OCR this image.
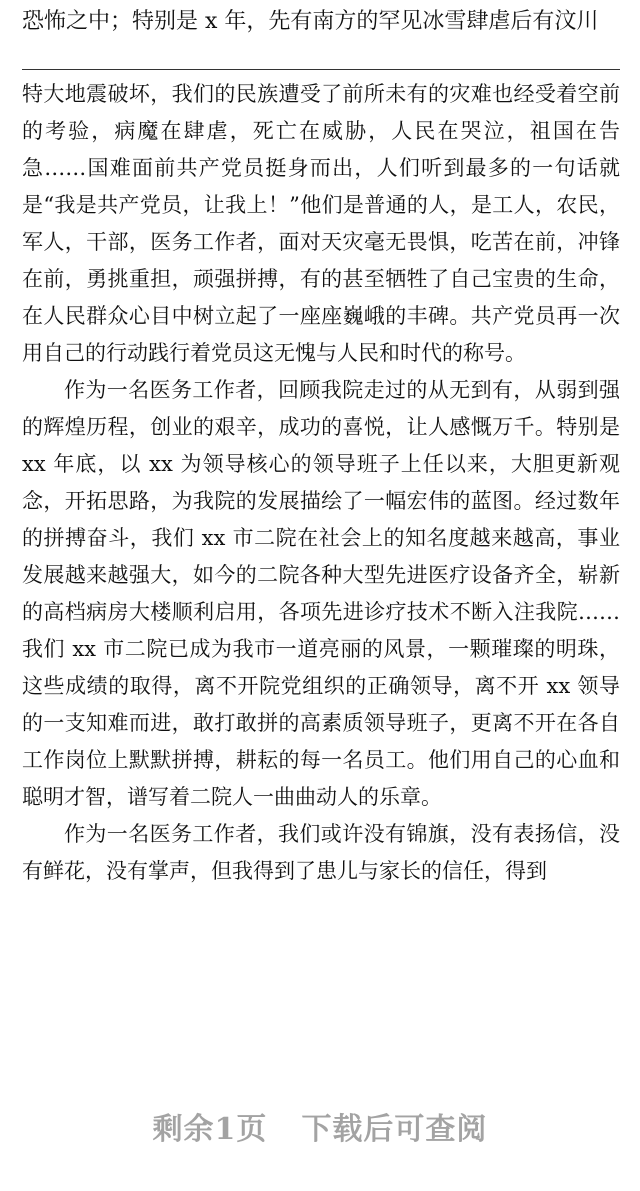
恐怖之中；特别是 x 年，先有南方的罕见冰雪肆虐后有汶川

特大地震破坏，我们的民族遭受了前所未有的灾难也经受着空前的考验，病魔在肆虐，死亡在威胁，人民在哭泣，祖国在告急……国难面前共产党员挺身而出，人们听到最多的一句话就是“我是共产党员，让我上！”他们是普通的人，是工人，农民，军人，干部，医务工作者，面对天灾毫无畏惧，吃苦在前，冲锋在前，勇挑重担，顽强拼搏，有的甚至牺牲了自己宝贵的生命，在人民群众心目中树立起了一座座巍峨的丰碑。共产党员再一次用自己的行动践行着党员这无愧与人民和时代的称号。

作为一名医务工作者，回顾我院走过的从无到有，从弱到强的辉煌历程，创业的艰辛，成功的喜悦，让人感慨万千。特别是 xx 年底，以 xx 为领导核心的领导班子上任以来，大胆更新观念，开拓思路，为我院的发展描绘了一幅宏伟的蓝图。经过数年的拼搏奋斗，我们 xx 市二院在社会上的知名度越来越高，事业发展越来越强大，如今的二院各种大型先进医疗设备齐全，崭新的高档病房大楼顺利启用，各项先进诊疗技术不断入注我院……我们 xx 市二院已成为我市一道亮丽的风景，一颗璀璨的明珠，这些成绩的取得，离不开院党组织的正确领导，离不开 xx 领导的一支知难而进，敢打敢拼的高素质领导班子，更离不开在各自工作岗位上默默拼搏，耕耘的每一名员工。他们用自己的心血和聪明才智，谱写着二院人一曲曲动人的乐章。

作为一名医务工作者，我们或许没有锦旗，没有表扬信，没有鲜花，没有掌声，但我得到了患儿与家长的信任，得到

剩余1页 下载后可查阅
